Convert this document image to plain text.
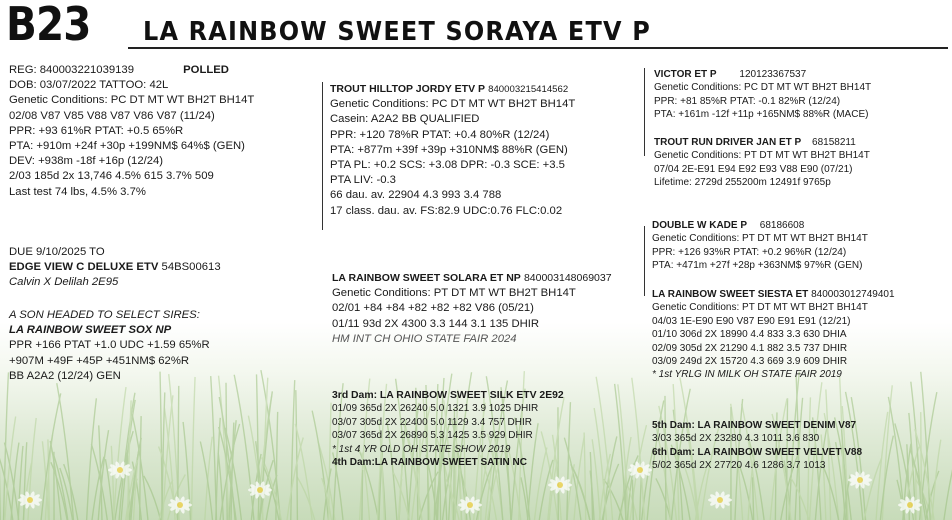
B23 LA RAINBOW SWEET SORAYA ETV P
REG: 840003221039139	POLLED
DOB: 03/07/2022 TATTOO: 42L
Genetic Conditions: PC DT MT WT BH2T BH14T
02/08 V87 V85 V88 V87 V86 V87 (11/24)
PPR: +93 61%R PTAT: +0.5 65%R
PTA: +910m +24f +30p +199NM$ 64%$ (GEN)
DEV: +938m -18f +16p (12/24)
2/03 185d 2x 13,746 4.5% 615 3.7% 509
Last test 74 lbs, 4.5% 3.7%
DUE 9/10/2025 TO
EDGE VIEW C DELUXE ETV 54BS00613
Calvin X Delilah 2E95
A SON HEADED TO SELECT SIRES:
LA RAINBOW SWEET SOX NP
PPR +166 PTAT +1.0 UDC +1.59 65%R
+907M +49F +45P +451NM$ 62%R
BB A2A2 (12/24) GEN
TROUT HILLTOP JORDY ETV P 840003215414562
Genetic Conditions: PC DT MT WT BH2T BH14T
Casein: A2A2 BB QUALIFIED
PPR: +120 78%R PTAT: +0.4 80%R (12/24)
PTA: +877m +39f +39p +310NM$ 88%R (GEN)
PTA PL: +0.2 SCS: +3.08 DPR: -0.3 SCE: +3.5
PTA LIV: -0.3
66 dau. av. 22904 4.3 993 3.4 788
17 class. dau. av. FS:82.9 UDC:0.76 FLC:0.02
LA RAINBOW SWEET SOLARA ET NP 840003148069037
Genetic Conditions: PT DT MT WT BH2T BH14T
02/01 +84 +84 +82 +82 +82 V86 (05/21)
01/11 93d 2X 4300 3.3 144 3.1 135 DHIR
HM INT CH OHIO STATE FAIR 2024
3rd Dam: LA RAINBOW SWEET SILK ETV 2E92
01/09 365d 2X 26240 5.0 1321 3.9 1025 DHIR
03/07 305d 2X 22400 5.0 1129 3.4 757 DHIR
03/07 365d 2X 26890 5.3 1425 3.5 929 DHIR
* 1st 4 YR OLD OH STATE SHOW 2019
4th Dam:LA RAINBOW SWEET SATIN NC
VICTOR ET P 120123367537
Genetic Conditions: PC DT MT WT BH2T BH14T
PPR: +81 85%R PTAT: -0.1 82%R (12/24)
PTA: +161m -12f +11p +165NM$ 88%R (MACE)
TROUT RUN DRIVER JAN ET P 68158211
Genetic Conditions: PT DT MT WT BH2T BH14T
07/04 2E-E91 E94 E92 E93 V88 E90 (07/21)
Lifetime: 2729d 255200m 12491f 9765p
DOUBLE W KADE P 68186608
Genetic Conditions: PT DT MT WT BH2T BH14T
PPR: +126 93%R PTAT: +0.2 96%R (12/24)
PTA: +471m +27f +28p +363NM$ 97%R (GEN)
LA RAINBOW SWEET SIESTA ET 840003012749401
Genetic Conditions: PT DT MT WT BH2T BH14T
04/03 1E-E90 E90 V87 E90 E91 E91 (12/21)
01/10 306d 2X 18990 4.4 833 3.3 630 DHIA
02/09 305d 2X 21290 4.1 882 3.5 737 DHIR
03/09 249d 2X 15720 4.3 669 3.9 609 DHIR
* 1st YRLG IN MILK OH STATE FAIR 2019
5th Dam: LA RAINBOW SWEET DENIM V87
3/03 365d 2X 23280 4.3 1011 3.6 830
6th Dam: LA RAINBOW SWEET VELVET V88
5/02 365d 2X 27720 4.6 1286 3.7 1013
